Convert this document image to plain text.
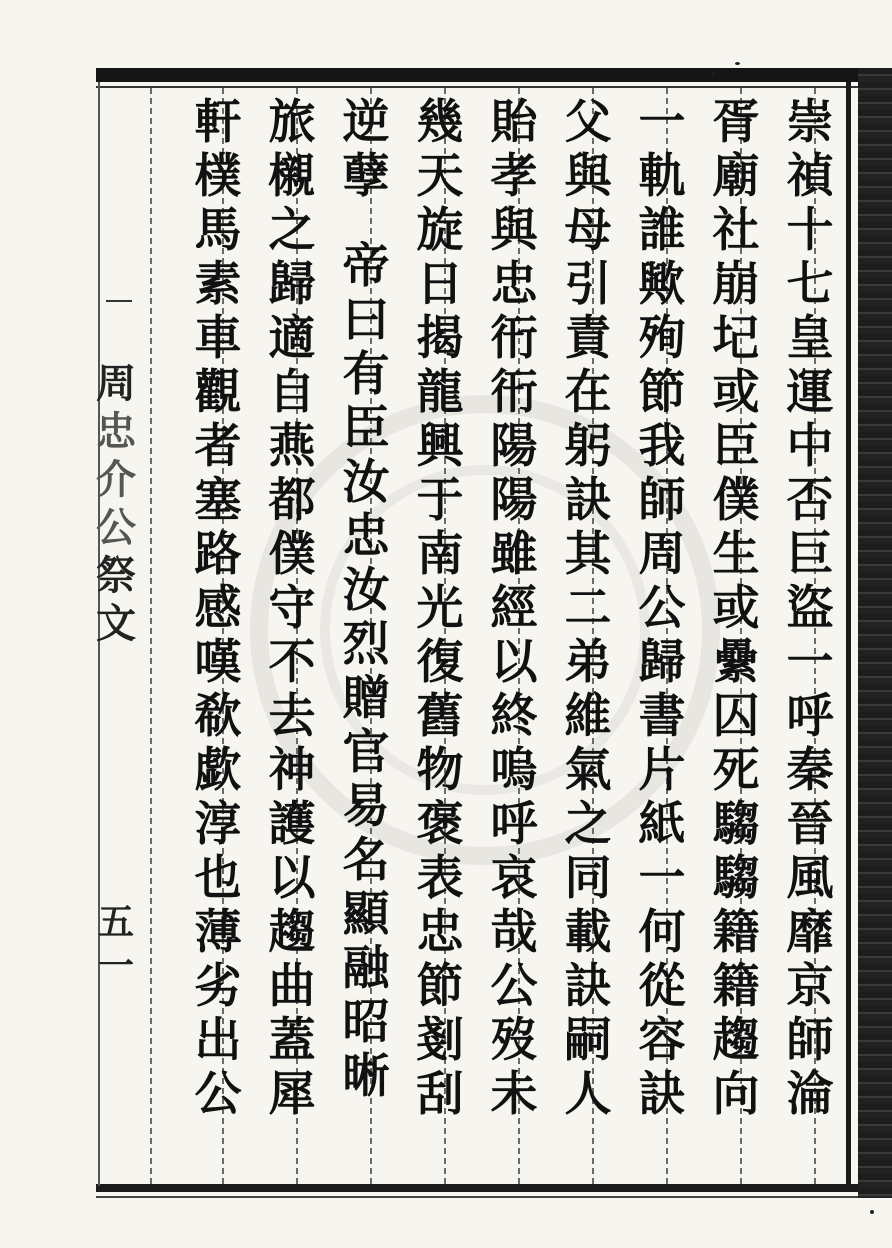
崇
禎
十
七
皇
運
中
否
巨
盜
一
呼
秦
晉
風
靡
京
師
淪
胥
廟
社
崩
圮
或
臣
僕
生
或
纍
囚
死
騶
騶
籍
籍
趨
向
一
軌
誰
歟
殉
節
我
師
周
公
歸
書
片
紙
一
何
從
容
訣
父
與
母
引
責
在
躬
訣
其
二
弟
維
氣
之
同
載
訣
嗣
人
貽
孝
與
忠
衎
衎
陽
陽
雖
經
以
終
嗚
呼
哀
哉
公
歿
未
幾
天
旋
日
揭
龍
興
于
南
光
復
舊
物
褒
表
忠
節
剗
刮
逆
孽
帝
曰
有
臣
汝
忠
汝
烈
贈
官
易
名
顯
融
昭
晰
旅
櫬
之
歸
適
自
燕
都
僕
守
不
去
神
護
以
趨
曲
蓋
犀
軒
樸
馬
素
車
觀
者
塞
路
感
嘆
欷
歔
淳
也
薄
劣
出
公
周
忠
介
公
祭
文
五
一
